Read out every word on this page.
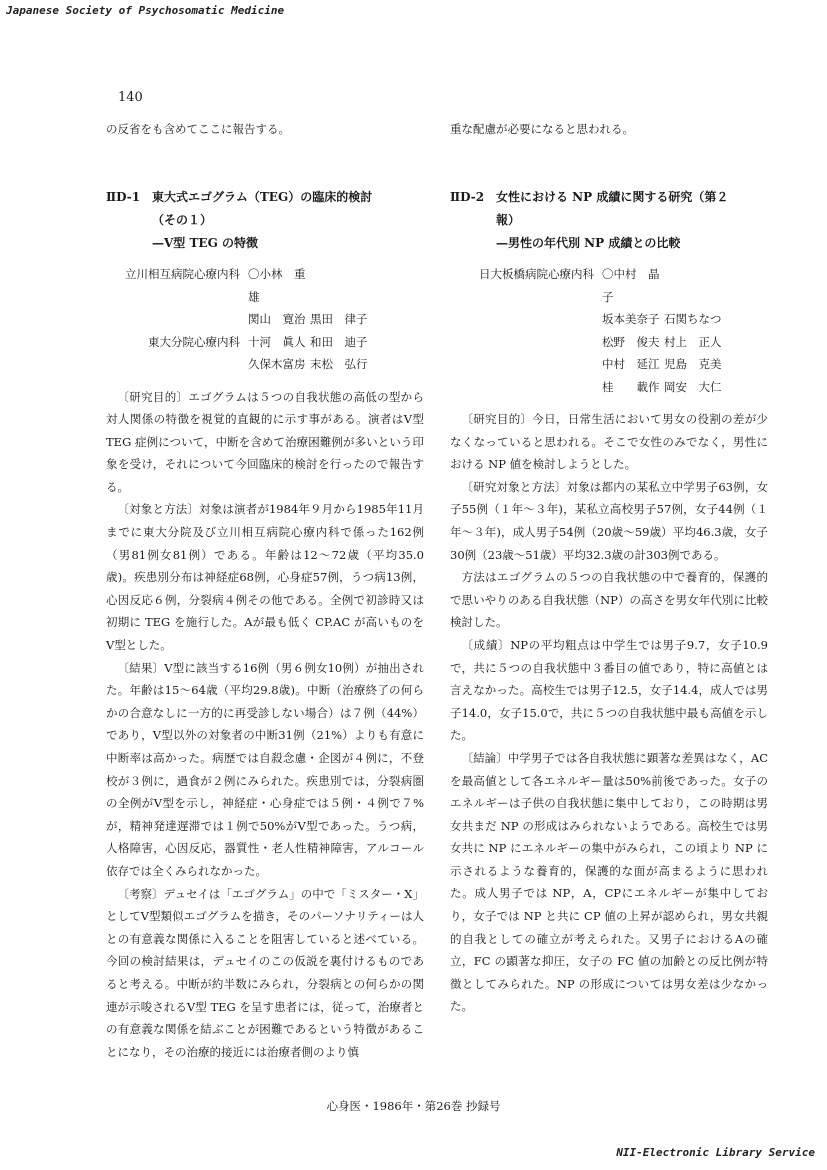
Japanese Society of Psychosomatic Medicine
140

の反省をも含めてここに報告する。

ⅡD-1 東大式エゴグラム（TEG）の臨床的検討
（その１）
—V型 TEG の特徴
立川相互病院心療内科 〇小林　重雄
関山　寛治 黒田　律子
東大分院心療内科 十河　眞人 和田　迪子
久保木富房 末松　弘行

〔研究目的〕エゴグラムは５つの自我状態の高低の型から対人関係の特徴を視覚的直観的に示す事がある。演者はV型 TEG 症例について，中断を含めて治療困難例が多いという印象を受け，それについて今回臨床的検討を行ったので報告する。

〔対象と方法〕対象は演者が1984年９月から1985年11月までに東大分院及び立川相互病院心療内科で係った162例（男81例女81例）である。年齢は12～72歳（平均35.0歳)。疾患別分布は神経症68例，心身症57例，うつ病13例，心因反応６例，分裂病４例その他である。全例で初診時又は初期に TEG を施行した。Aが最も低く CP.AC が高いものをV型とした。

〔結果〕V型に該当する16例（男６例女10例）が抽出された。年齢は15～64歳（平均29.8歳)。中断（治療終了の何らかの合意なしに一方的に再受診しない場合）は７例（44%）であり，V型以外の対象者の中断31例（21%）よりも有意に中断率は高かった。病歴では自殺念慮・企図が４例に，不登校が３例に，過食が２例にみられた。疾患別では，分裂病圏の全例がV型を示し，神経症・心身症では５例・４例で７%が，精神発達遅滞では１例で50%がV型であった。うつ病，人格障害，心因反応，器質性・老人性精神障害，アルコール依存では全くみられなかった。

〔考察〕デュセイは「エゴグラム」の中で「ミスター・X」としてV型類似エゴグラムを描き，そのパーソナリティーは人との有意義な関係に入ることを阻害していると述べている。今回の検討結果は，デュセイのこの仮説を裏付けるものであると考える。中断が約半数にみられ，分裂病との何らかの関連が示唆されるV型 TEG を呈す患者には，従って，治療者との有意義な関係を結ぶことが困難であるという特徴があることになり，その治療的接近には治療者側のより慎

重な配慮が必要になると思われる。

ⅡD-2 女性における NP 成績に関する研究（第２
報）
—男性の年代別 NP 成績との比較
日大板橋病院心療内科 〇中村　晶子
坂本美奈子 石関ちなつ
松野　俊夫 村上　正人
中村　延江 児島　克美
桂　　載作 岡安　大仁

〔研究目的〕今日，日常生活において男女の役割の差が少なくなっていると思われる。そこで女性のみでなく，男性における NP 値を検討しようとした。

〔研究対象と方法〕対象は都内の某私立中学男子63例，女子55例（１年～３年)，某私立高校男子57例，女子44例（１年～３年)，成人男子54例（20歳～59歳）平均46.3歳，女子30例（23歳～51歳）平均32.3歳の計303例である。

方法はエゴグラムの５つの自我状態の中で養育的，保護的で思いやりのある自我状態（NP）の高さを男女年代別に比較検討した。

〔成績〕NPの平均粗点は中学生では男子9.7，女子10.9で，共に５つの自我状態中３番目の値であり，特に高値とは言えなかった。高校生では男子12.5，女子14.4，成人では男子14.0，女子15.0で，共に５つの自我状態中最も高値を示した。

〔結論〕中学男子では各自我状態に顕著な差異はなく，AC を最高値として各エネルギー量は50%前後であった。女子のエネルギーは子供の自我状態に集中しており，この時期は男女共まだ NP の形成はみられないようである。高校生では男女共に NP にエネルギーの集中がみられ，この頃より NP に示されるような養育的，保護的な面が高まるように思われた。成人男子では NP，A，CPにエネルギーが集中しており，女子では NP と共に CP 値の上昇が認められ，男女共親的自我としての確立が考えられた。又男子におけるAの確立，FC の顕著な抑圧，女子の FC 値の加齢との反比例が特徴としてみられた。NP の形成については男女差は少なかった。

心身医・1986年・第26巻 抄録号
NII-Electronic Library Service
